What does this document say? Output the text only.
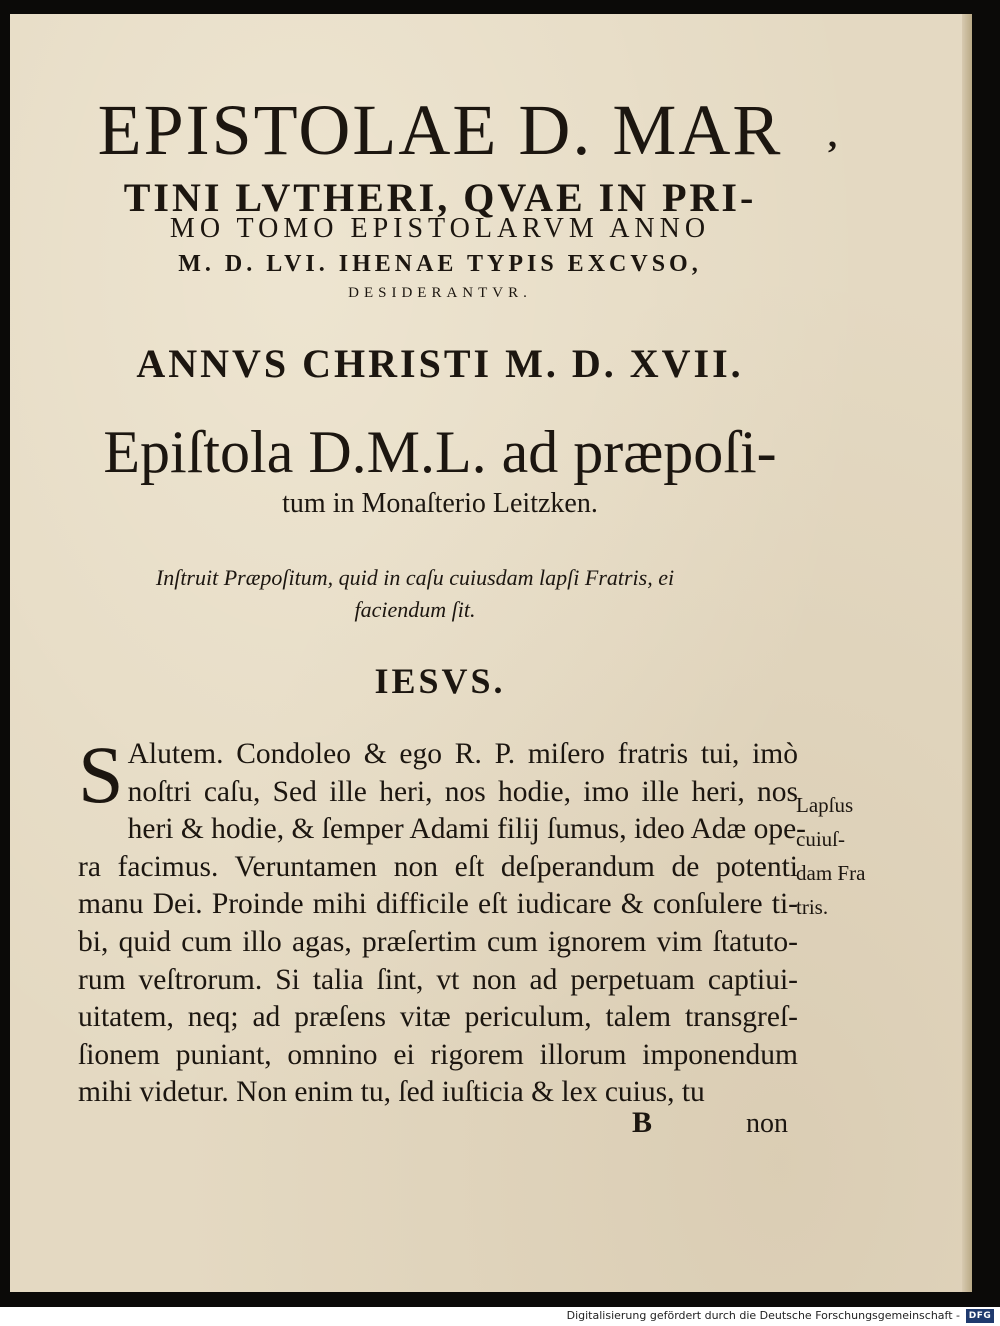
EPISTOLAE D. MAR	,
TINI LVTHERI, QVAE IN PRI-
MO TOMO EPISTOLARVM ANNO
M. D. LVI. IHENAE TYPIS EXCVSO,
DESIDERANTVR.
ANNVS CHRISTI M. D. XVII.
Epiſtola D.M.L. ad præpoſi-
tum in Monaſterio Leitzken.
Inſtruit Præpoſitum, quid in caſu cuiusdam lapſi Fratris, ei faciendum ſit.
IESVS.
S Alutem. Condoleo & ego R. P. miſero fratris tui, imò
noſtri caſu, Sed ille heri, nos hodie, imo ille heri, nos
heri & hodie, & ſemper Adami filij ſumus, ideo Adæ ope-
ra facimus. Veruntamen non eſt deſperandum de potenti
manu Dei. Proinde mihi difficile eſt iudicare & conſulere ti-
bi, quid cum illo agas, præſertim cum ignorem vim ſtatuto-
rum veſtrorum. Si talia ſint, vt non ad perpetuam captiui-
uitatem, neq; ad præſens vitæ periculum, talem transgreſ-
ſionem puniant, omnino ei rigorem illorum imponendum
mihi videtur. Non enim tu, ſed iuſticia & lex cuius, tu
Lapſus
cuiuſ-
dam Fra
tris.
B	non
Digitalisierung gefördert durch die Deutsche Forschungsgemeinschaft - DFG
